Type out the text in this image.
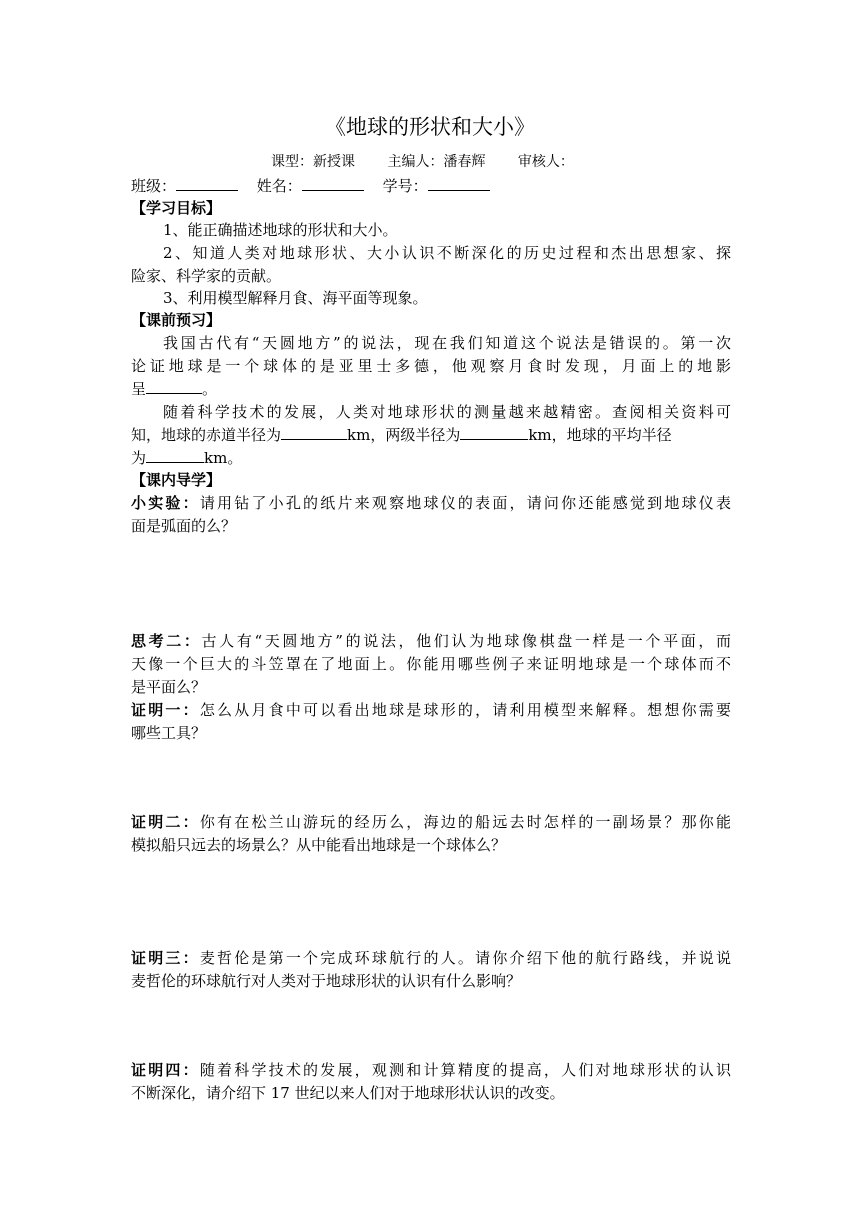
《地球的形状和大小》
课型：新授课 主编人：潘春辉 审核人：
班级：	姓名：	学号：
【学习目标】
1、能正确描述地球的形状和大小。
2、知道人类对地球形状、大小认识不断深化的历史过程和杰出思想家、探
险家、科学家的贡献。
3、利用模型解释月食、海平面等现象。
【课前预习】
我国古代有“天圆地方”的说法，现在我们知道这个说法是错误的。第一次
论证地球是一个球体的是亚里士多德，他观察月食时发现，月面上的地影
呈	。
随着科学技术的发展，人类对地球形状的测量越来越精密。查阅相关资料可
知，地球的赤道半径为	km，两级半径为	km，地球的平均半径
为	km。
【课内导学】
小实验：请用钻了小孔的纸片来观察地球仪的表面，请问你还能感觉到地球仪表
面是弧面的么？
思考二：古人有“天圆地方”的说法，他们认为地球像棋盘一样是一个平面，而
天像一个巨大的斗笠罩在了地面上。你能用哪些例子来证明地球是一个球体而不
是平面么？
证明一：怎么从月食中可以看出地球是球形的，请利用模型来解释。想想你需要
哪些工具？
证明二：你有在松兰山游玩的经历么，海边的船远去时怎样的一副场景？那你能
模拟船只远去的场景么？从中能看出地球是一个球体么？
证明三：麦哲伦是第一个完成环球航行的人。请你介绍下他的航行路线，并说说
麦哲伦的环球航行对人类对于地球形状的认识有什么影响？
证明四：随着科学技术的发展，观测和计算精度的提高，人们对地球形状的认识
不断深化，请介绍下 17 世纪以来人们对于地球形状认识的改变。
